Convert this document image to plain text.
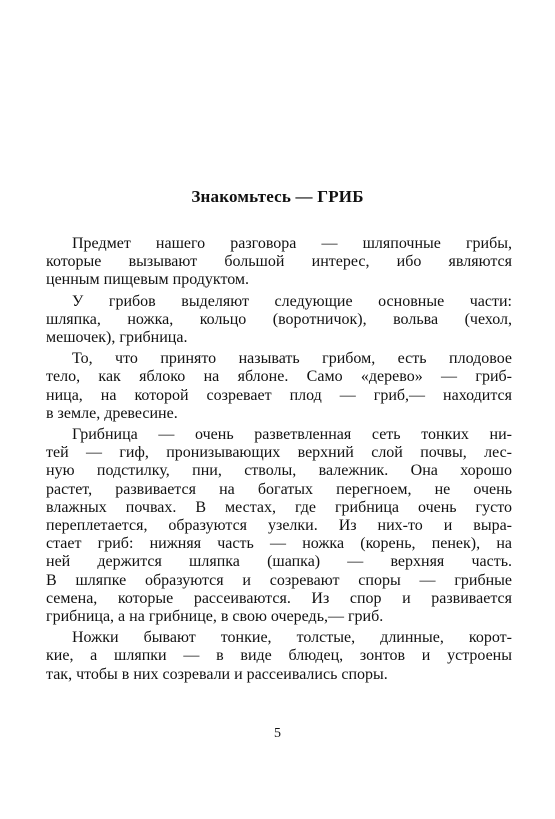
Знакомьтесь — ГРИБ

Предмет нашего разговора — шляпочные грибы,
которые вызывают большой интерес, ибо являются
ценным пищевым продуктом.

У грибов выделяют следующие основные части:
шляпка, ножка, кольцо (воротничок), вольва (чехол,
мешочек), грибница.

То, что принято называть грибом, есть плодовое
тело, как яблоко на яблоне. Само «дерево» — гриб-
ница, на которой созревает плод — гриб,— находится
в земле, древесине.

Грибница — очень разветвленная сеть тонких ни-
тей — гиф, пронизывающих верхний слой почвы, лес-
ную подстилку, пни, стволы, валежник. Она хорошо
растет, развивается на богатых перегноем, не очень
влажных почвах. В местах, где грибница очень густо
переплетается, образуются узелки. Из них-то и выра-
стает гриб: нижняя часть — ножка (корень, пенек), на
ней держится шляпка (шапка) — верхняя часть.
В шляпке образуются и созревают споры — грибные
семена, которые рассеиваются. Из спор и развивается
грибница, а на грибнице, в свою очередь,— гриб.

Ножки бывают тонкие, толстые, длинные, корот-
кие, а шляпки — в виде блюдец, зонтов и устроены
так, чтобы в них созревали и рассеивались споры.

5
